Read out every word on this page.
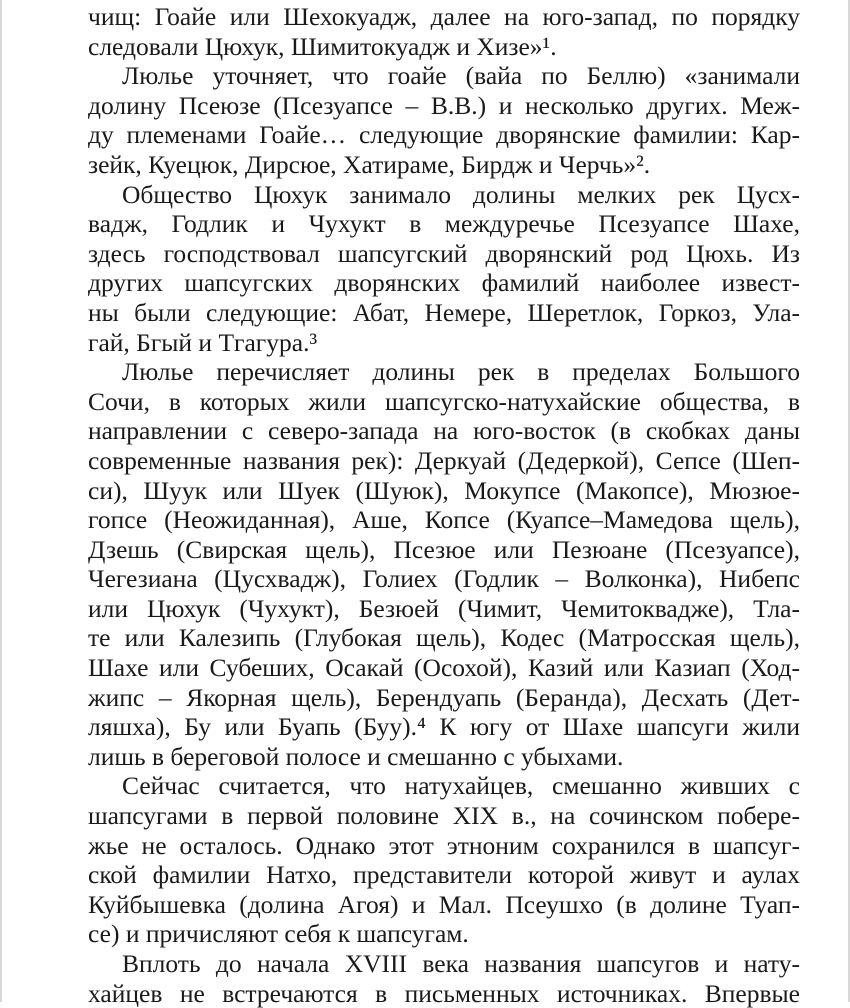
чищ: Гоайе или Шехокуадж, далее на юго-запад, по порядку
следовали Цюхук, Шимитокуадж и Хизе»¹.
Люлье уточняет, что гоайе (вайа по Беллю) «занимали
долину Псеюзе (Псезуапсе – В.В.) и несколько других. Меж-
ду племенами Гоайе… следующие дворянские фамилии: Кар-
зейк, Куецюк, Дирсюе, Хатираме, Бирдж и Черчь»².
Общество Цюхук занимало долины мелких рек Цусх-
вадж, Годлик и Чухукт в междуречье Псезуапсе Шахе,
здесь господствовал шапсугский дворянский род Цюхь. Из
других шапсугских дворянских фамилий наиболее извест-
ны были следующие: Абат, Немере, Шеретлок, Горкоз, Ула-
гай, Бгый и Тгагура.³
Люлье перечисляет долины рек в пределах Большого
Сочи, в которых жили шапсугско-натухайские общества, в
направлении с северо-запада на юго-восток (в скобках даны
современные названия рек): Деркуай (Дедеркой), Сепсе (Шеп-
си), Шуук или Шуек (Шуюк), Мокупсе (Макопсе), Мюзюе-
гопсе (Неожиданная), Аше, Копсе (Куапсе–Мамедова щель),
Дзешь (Свирская щель), Псезюе или Пезюане (Псезуапсе),
Чегезиана (Цусхвадж), Голиех (Годлик – Волконка), Нибепс
или Цюхук (Чухукт), Безюей (Чимит, Чемитоквадже), Тла-
те или Калезипь (Глубокая щель), Кодес (Матросская щель),
Шахе или Субеших, Осакай (Осохой), Казий или Казиап (Ход-
жипс – Якорная щель), Берендуапь (Беранда), Десхать (Дет-
ляшха), Бу или Буапь (Буу).⁴ К югу от Шахе шапсуги жили
лишь в береговой полосе и смешанно с убыхами.
Сейчас считается, что натухайцев, смешанно живших с
шапсугами в первой половине XIX в., на сочинском побере-
жье не осталось. Однако этот этноним сохранился в шапсуг-
ской фамилии Натхо, представители которой живут и аулах
Куйбышевка (долина Агоя) и Мал. Псеушхо (в долине Туап-
се) и причисляют себя к шапсугам.
Вплоть до начала XVIII века названия шапсугов и нату-
хайцев не встречаются в письменных источниках. Впервые
